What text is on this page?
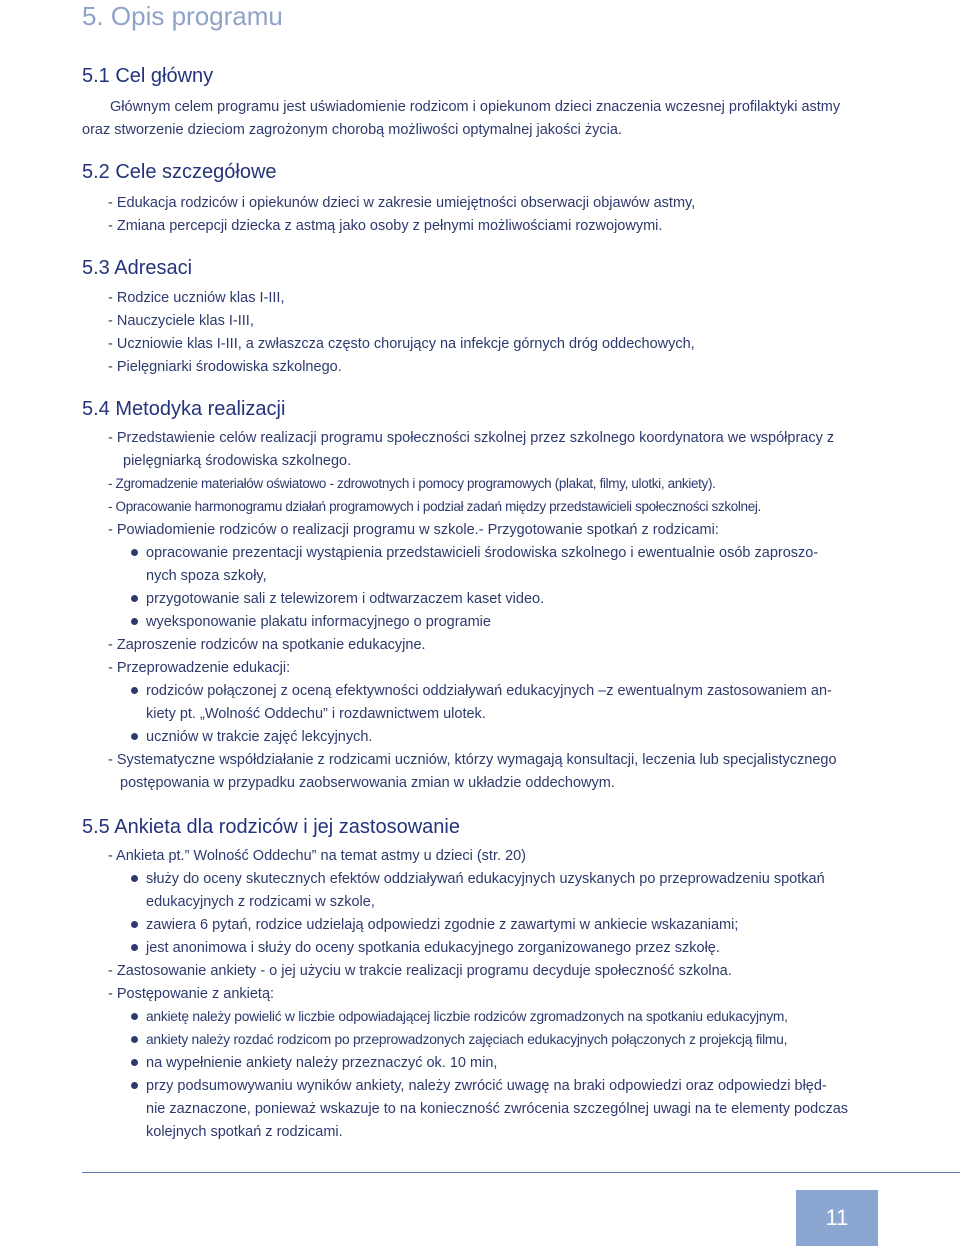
5. Opis programu
5.1 Cel główny

Głównym celem programu jest uświadomienie rodzicom i opiekunom dzieci znaczenia wczesnej profilaktyki astmy

oraz stworzenie dzieciom zagrożonym chorobą możliwości optymalnej jakości życia.

5.2 Cele szczegółowe

- Edukacja rodziców i opiekunów dzieci w zakresie umiejętności obserwacji objawów astmy,

- Zmiana percepcji dziecka z astmą jako osoby z pełnymi możliwościami rozwojowymi.

5.3 Adresaci

- Rodzice uczniów klas I-III,

- Nauczyciele klas I-III,

- Uczniowie klas I-III, a zwłaszcza często chorujący na infekcje górnych dróg oddechowych,

- Pielęgniarki środowiska szkolnego.

5.4 Metodyka realizacji

- Przedstawienie celów realizacji programu społeczności szkolnej przez szkolnego koordynatora we współpracy z

pielęgniarką środowiska szkolnego.

- Zgromadzenie materiałów oświatowo - zdrowotnych i pomocy programowych (plakat, filmy, ulotki, ankiety).

- Opracowanie harmonogramu działań programowych i podział zadań między przedstawicieli społeczności szkolnej.

- Powiadomienie rodziców o realizacji programu w szkole.- Przygotowanie spotkań z rodzicami:

opracowanie prezentacji wystąpienia przedstawicieli środowiska szkolnego i ewentualnie osób zaproszo-

nych spoza szkoły,

przygotowanie sali z telewizorem i odtwarzaczem kaset video.

wyeksponowanie plakatu informacyjnego o programie

- Zaproszenie rodziców na spotkanie edukacyjne.

- Przeprowadzenie edukacji:

rodziców połączonej z oceną efektywności oddziaływań edukacyjnych –z ewentualnym zastosowaniem an-

kiety pt. „Wolność Oddechu” i rozdawnictwem ulotek.

uczniów w trakcie zajęć lekcyjnych.

- Systematyczne współdziałanie z rodzicami uczniów, którzy wymagają konsultacji, leczenia lub specjalistycznego

postępowania w przypadku zaobserwowania zmian w układzie oddechowym.

5.5 Ankieta dla rodziców i jej zastosowanie

- Ankieta pt.” Wolność Oddechu” na temat astmy u dzieci (str. 20)

służy do oceny skutecznych efektów oddziaływań edukacyjnych uzyskanych po przeprowadzeniu spotkań

edukacyjnych z rodzicami w szkole,

zawiera 6 pytań, rodzice udzielają odpowiedzi zgodnie z zawartymi w ankiecie wskazaniami;

jest anonimowa i służy do oceny spotkania edukacyjnego zorganizowanego przez szkołę.

- Zastosowanie ankiety - o jej użyciu w trakcie realizacji programu decyduje społeczność szkolna.

- Postępowanie z ankietą:

ankietę należy powielić w liczbie odpowiadającej liczbie rodziców zgromadzonych na spotkaniu edukacyjnym,

ankiety należy rozdać rodzicom po przeprowadzonych zajęciach edukacyjnych połączonych z projekcją filmu,

na wypełnienie ankiety należy przeznaczyć ok. 10 min,

przy podsumowywaniu wyników ankiety, należy zwrócić uwagę na braki odpowiedzi oraz odpowiedzi błęd-

nie zaznaczone, ponieważ wskazuje to na konieczność zwrócenia szczególnej uwagi na te elementy podczas

kolejnych spotkań z rodzicami.

11
